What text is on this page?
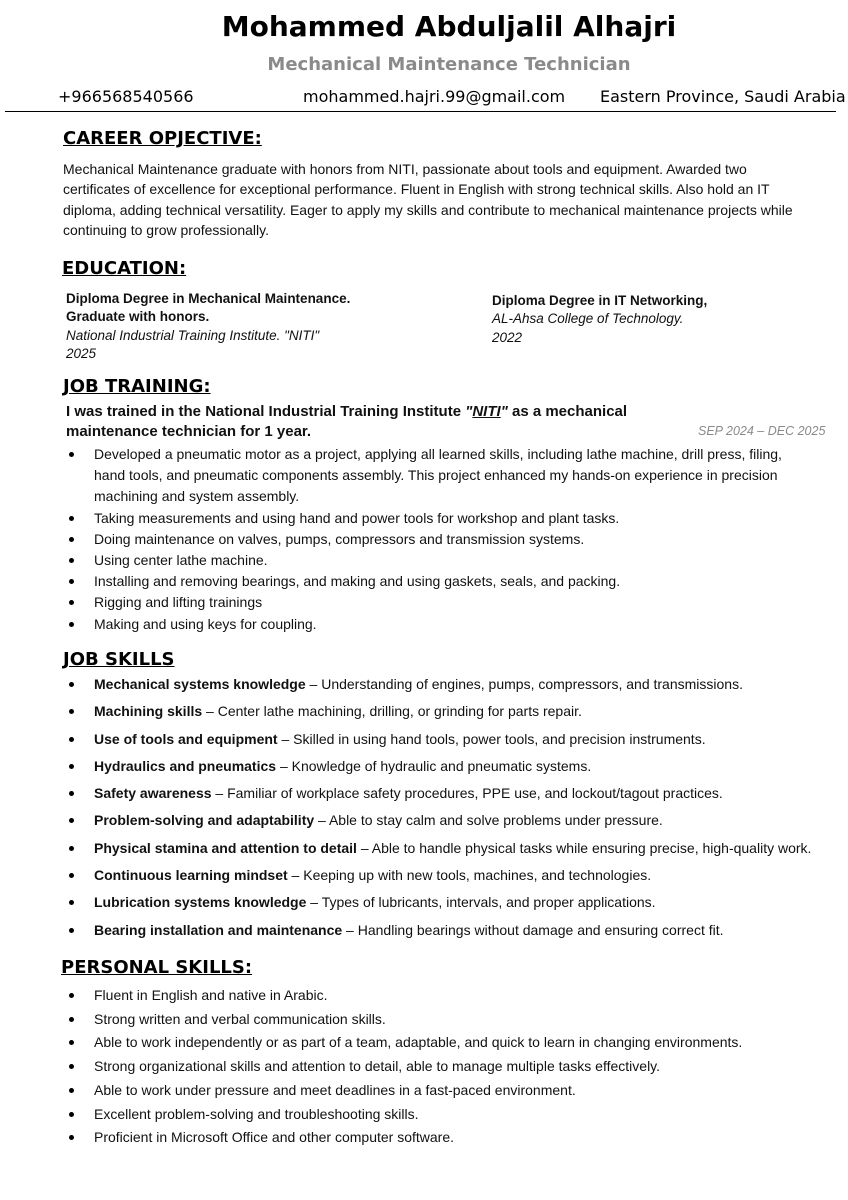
Mohammed Abduljalil Alhajri
Mechanical Maintenance Technician
+966568540566	mohammed.hajri.99@gmail.com Eastern Province, Saudi Arabia
CAREER OPJECTIVE:
Mechanical Maintenance graduate with honors from NITI, passionate about tools and equipment. Awarded two certificates of excellence for exceptional performance. Fluent in English with strong technical skills. Also hold an IT diploma, adding technical versatility. Eager to apply my skills and contribute to mechanical maintenance projects while continuing to grow professionally.
EDUCATION:
Diploma Degree in Mechanical Maintenance.
Graduate with honors.
National Industrial Training Institute. "NITI"
2025
Diploma Degree in IT Networking,
AL-Ahsa College of Technology.
2022
JOB TRAINING:
I was trained in the National Industrial Training Institute "NITI" as a mechanical maintenance technician for 1 year.	SEP 2024 – DEC 2025
Developed a pneumatic motor as a project, applying all learned skills, including lathe machine, drill press, filing, hand tools, and pneumatic components assembly. This project enhanced my hands-on experience in precision machining and system assembly.
Taking measurements and using hand and power tools for workshop and plant tasks.
Doing maintenance on valves, pumps, compressors and transmission systems.
Using center lathe machine.
Installing and removing bearings, and making and using gaskets, seals, and packing.
Rigging and lifting trainings
Making and using keys for coupling.
JOB SKILLS
Mechanical systems knowledge – Understanding of engines, pumps, compressors, and transmissions.
Machining skills – Center lathe machining, drilling, or grinding for parts repair.
Use of tools and equipment – Skilled in using hand tools, power tools, and precision instruments.
Hydraulics and pneumatics – Knowledge of hydraulic and pneumatic systems.
Safety awareness – Familiar of workplace safety procedures, PPE use, and lockout/tagout practices.
Problem-solving and adaptability – Able to stay calm and solve problems under pressure.
Physical stamina and attention to detail – Able to handle physical tasks while ensuring precise, high-quality work.
Continuous learning mindset – Keeping up with new tools, machines, and technologies.
Lubrication systems knowledge – Types of lubricants, intervals, and proper applications.
Bearing installation and maintenance – Handling bearings without damage and ensuring correct fit.
PERSONAL SKILLS:
Fluent in English and native in Arabic.
Strong written and verbal communication skills.
Able to work independently or as part of a team, adaptable, and quick to learn in changing environments.
Strong organizational skills and attention to detail, able to manage multiple tasks effectively.
Able to work under pressure and meet deadlines in a fast-paced environment.
Excellent problem-solving and troubleshooting skills.
Proficient in Microsoft Office and other computer software.
